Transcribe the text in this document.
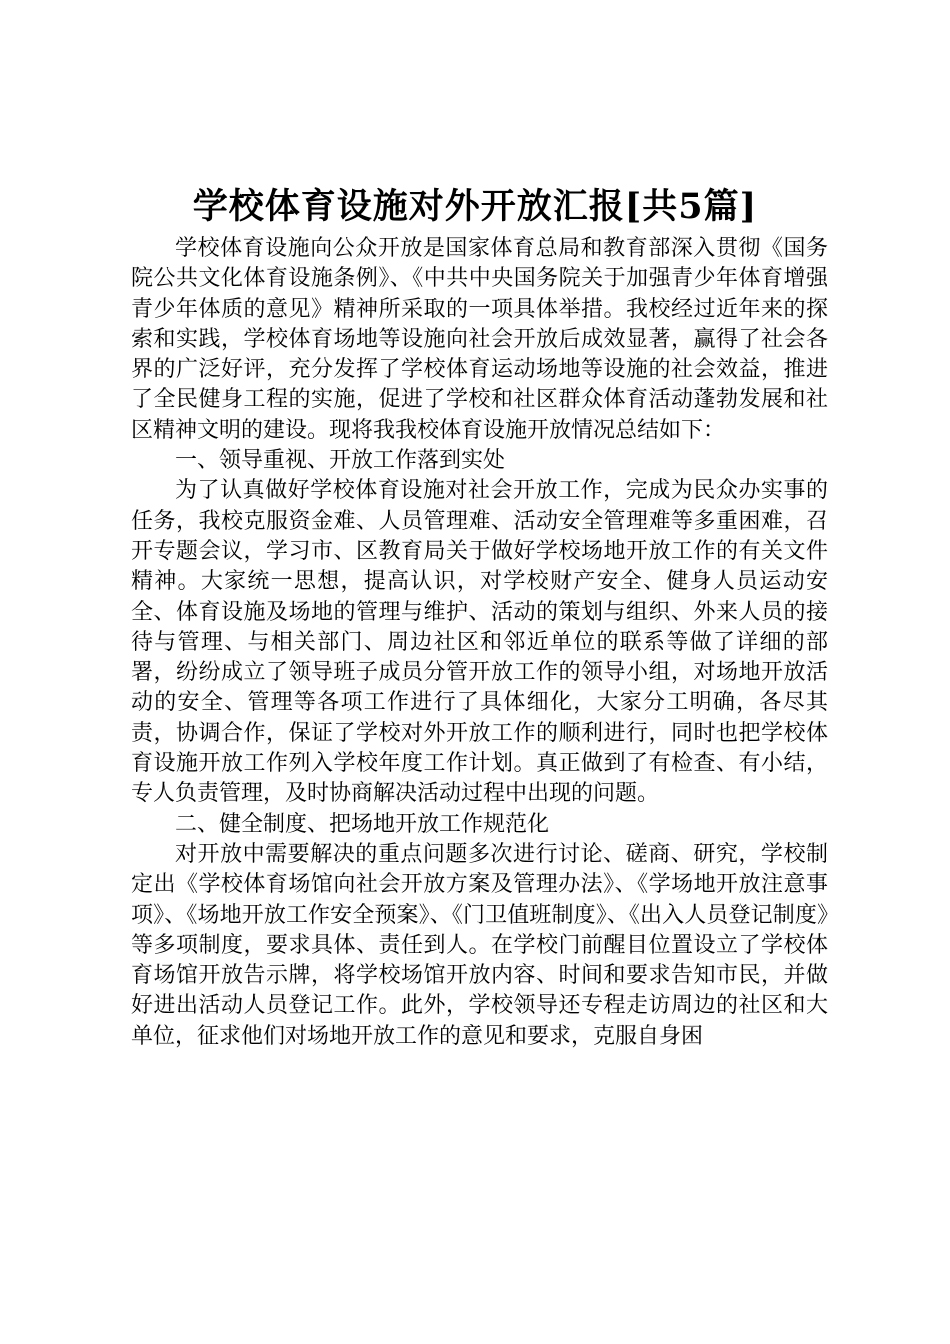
学校体育设施对外开放汇报[共5篇]

学校体育设施向公众开放是国家体育总局和教育部深入贯彻《国务院公共文化体育设施条例》、《中共中央国务院关于加强青少年体育增强青少年体质的意见》精神所采取的一项具体举措。我校经过近年来的探索和实践，学校体育场地等设施向社会开放后成效显著，赢得了社会各界的广泛好评，充分发挥了学校体育运动场地等设施的社会效益，推进了全民健身工程的实施，促进了学校和社区群众体育活动蓬勃发展和社区精神文明的建设。现将我我校体育设施开放情况总结如下：

一、领导重视、开放工作落到实处

为了认真做好学校体育设施对社会开放工作，完成为民众办实事的任务，我校克服资金难、人员管理难、活动安全管理难等多重困难，召开专题会议，学习市、区教育局关于做好学校场地开放工作的有关文件精神。大家统一思想，提高认识，对学校财产安全、健身人员运动安全、体育设施及场地的管理与维护、活动的策划与组织、外来人员的接待与管理、与相关部门、周边社区和邻近单位的联系等做了详细的部署，纷纷成立了领导班子成员分管开放工作的领导小组，对场地开放活动的安全、管理等各项工作进行了具体细化，大家分工明确，各尽其责，协调合作，保证了学校对外开放工作的顺利进行，同时也把学校体育设施开放工作列入学校年度工作计划。真正做到了有检查、有小结，专人负责管理，及时协商解决活动过程中出现的问题。

二、健全制度、把场地开放工作规范化

对开放中需要解决的重点问题多次进行讨论、磋商、研究，学校制定出《学校体育场馆向社会开放方案及管理办法》、《学场地开放注意事项》、《场地开放工作安全预案》、《门卫值班制度》、《出入人员登记制度》等多项制度，要求具体、责任到人。在学校门前醒目位置设立了学校体育场馆开放告示牌，将学校场馆开放内容、时间和要求告知市民，并做好进出活动人员登记工作。此外，学校领导还专程走访周边的社区和大单位，征求他们对场地开放工作的意见和要求，克服自身困
